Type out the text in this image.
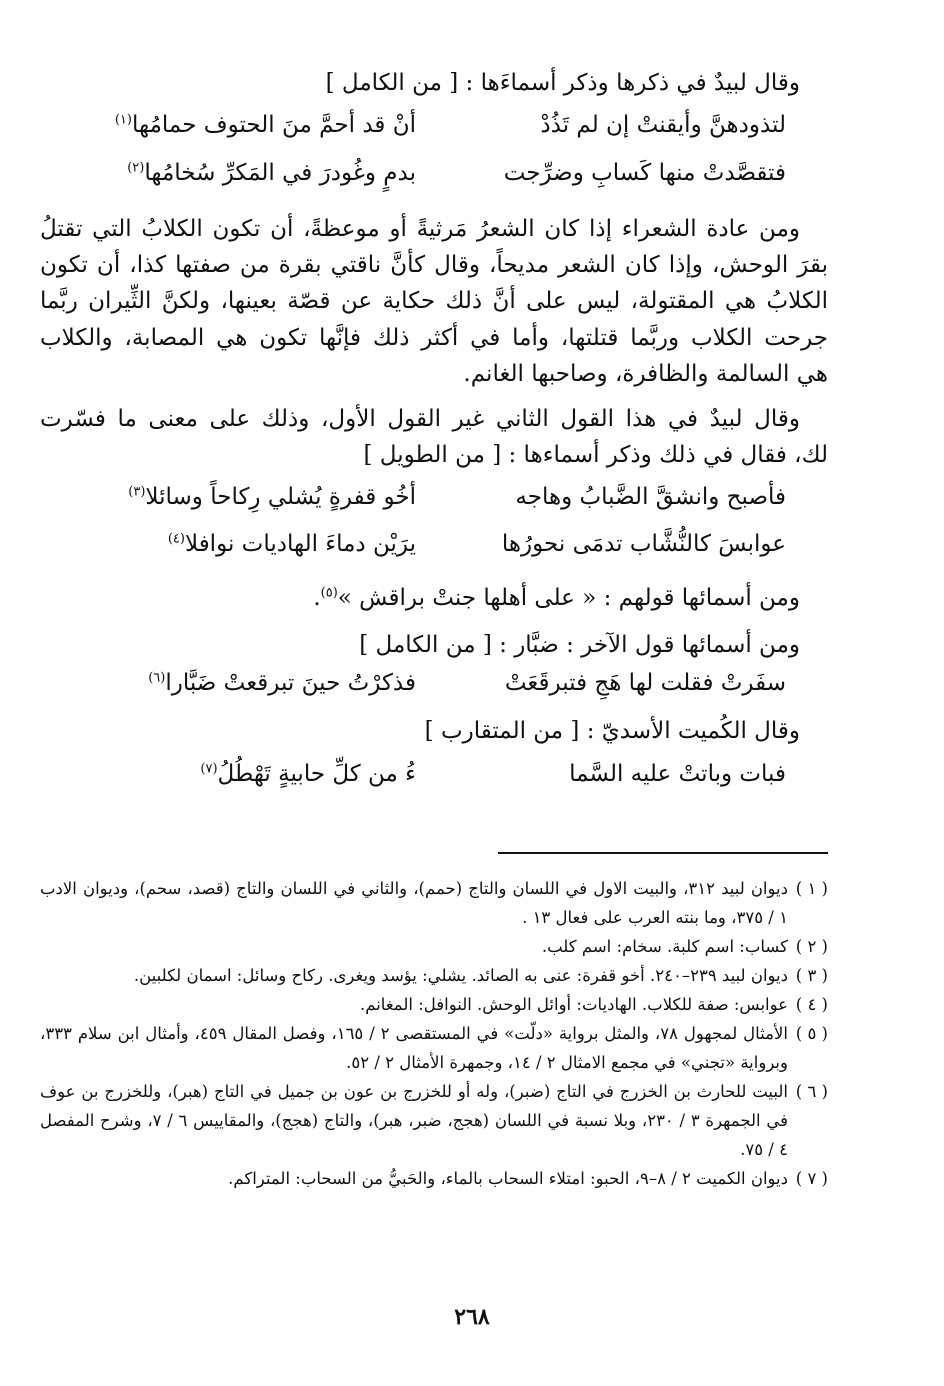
وقال لبيدٌ في ذكرها وذكر أسماءَها : [ من الكامل ]
لتذودهنَّ وأيقنتْ إن لم تَذُدْ
أنْ قد أحمَّ منَ الحتوف حمامُها$^{(١)}$
فتقصَّدتْ منها كَسابِ وضرِّجت
بدمٍ وغُودرَ في المَكرِّ سُخامُها$^{(٢)}$
ومن عادة الشعراء إذا كان الشعرُ مَرثيةً أو موعظةً، أن تكون الكلابُ التي تقتلُ
بقرَ الوحش، وإذا كان الشعر مديحاً، وقال كأنَّ ناقتي بقرة من صفتها كذا، أن تكون
الكلابُ هي المقتولة، ليس على أنَّ ذلك حكاية عن قصّة بعينها، ولكنَّ الثِّيران ربَّما
جرحت الكلاب وربَّما قتلتها، وأما في أكثر ذلك فإنَّها تكون هي المصابة، والكلاب
هي السالمة والظافرة، وصاحبها الغانم.
وقال لبيدٌ في هذا القول الثاني غير القول الأول، وذلك على معنى ما فسّرت
لك، فقال في ذلك وذكر أسماءها : [ من الطويل ]
فأصبح وانشقَّ الضَّبابُ وهاجه
أخُو قفرةٍ يُشلي رِكاحاً وسائلا$^{(٣)}$
عوابسَ كالنُّشَّاب تدمَى نحورُها
يرَيْن دماءَ الهاديات نوافلا$^{(٤)}$
ومن أسمائها قولهم : « على أهلها جنتْ براقش »$^{(٥)}$.
ومن أسمائها قول الآخر : ضبَّار : [ من الكامل ]
سفَرتْ فقلت لها هَجِ فتبرقَعَتْ
فذكرْتُ حينَ تبرقعتْ ضَبَّارا$^{(٦)}$
وقال الكُميت الأسديّ : [ من المتقارب ]
فبات وباتتْ عليه السَّما
ءُ من كلِّ حابيةٍ تَهْطُلُ$^{(٧)}$
( ١ )
ديوان لبيد ٣١٢، والبيت الاول في اللسان والتاج (حمم)، والثاني في اللسان والتاج (قصد، سحم)، وديوان الادب ١ / ٣٧٥، وما بنته العرب على فعال ١٣ .
( ٢ )
كساب: اسم كلبة. سخام: اسم كلب.
( ٣ )
ديوان لبيد ٢٣٩–٢٤٠. أخو قفرة: عنى به الصائد. يشلي: يؤسد ويغرى. ركاح وسائل: اسمان لكلبين.
( ٤ )
عوابس: صفة للكلاب. الهاديات: أوائل الوحش. النوافل: المغانم.
( ٥ )
الأمثال لمجهول ٧٨، والمثل برواية «دلّت» في المستقصى ٢ / ١٦٥، وفصل المقال ٤٥٩، وأمثال ابن سلام ٣٣٣، وبرواية «تجني» في مجمع الامثال ٢ / ١٤، وجمهرة الأمثال ٢ / ٥٢.
( ٦ )
البيت للحارث بن الخزرج في التاج (ضبر)، وله أو للخزرج بن عون بن جميل في التاج (هبر)، وللخزرج بن عوف في الجمهرة ٣ / ٢٣٠، وبلا نسبة في اللسان (هجج، ضبر، هبر)، والتاج (هجج)، والمقاييس ٦ / ٧، وشرح المفصل ٤ / ٧٥.
( ٧ )
ديوان الكميت ٢ / ٨–٩، الحبو: امتلاء السحاب بالماء، والحَبيُّ من السحاب: المتراكم.
٢٦٨
